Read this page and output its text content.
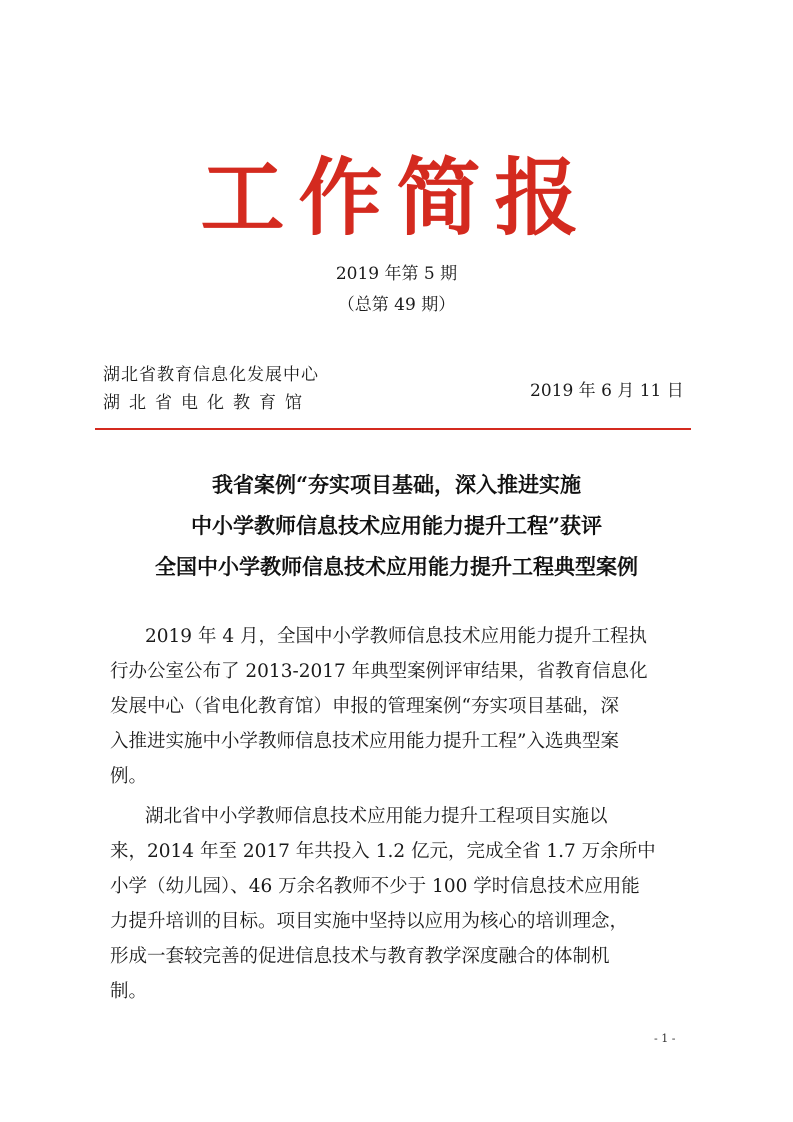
工作简报
2019 年第 5 期
（总第 49 期）
湖北省教育信息化发展中心
湖北省电化教育馆
2019 年 6 月 11 日
我省案例“夯实项目基础，深入推进实施
中小学教师信息技术应用能力提升工程”获评
全国中小学教师信息技术应用能力提升工程典型案例
2019 年 4 月，全国中小学教师信息技术应用能力提升工程执
行办公室公布了 2013-2017 年典型案例评审结果，省教育信息化
发展中心（省电化教育馆）申报的管理案例“夯实项目基础，深
入推进实施中小学教师信息技术应用能力提升工程”入选典型案
例。
湖北省中小学教师信息技术应用能力提升工程项目实施以
来，2014 年至 2017 年共投入 1.2 亿元，完成全省 1.7 万余所中
小学（幼儿园）、46 万余名教师不少于 100 学时信息技术应用能
力提升培训的目标。项目实施中坚持以应用为核心的培训理念，
形成一套较完善的促进信息技术与教育教学深度融合的体制机
制。
- 1 -
